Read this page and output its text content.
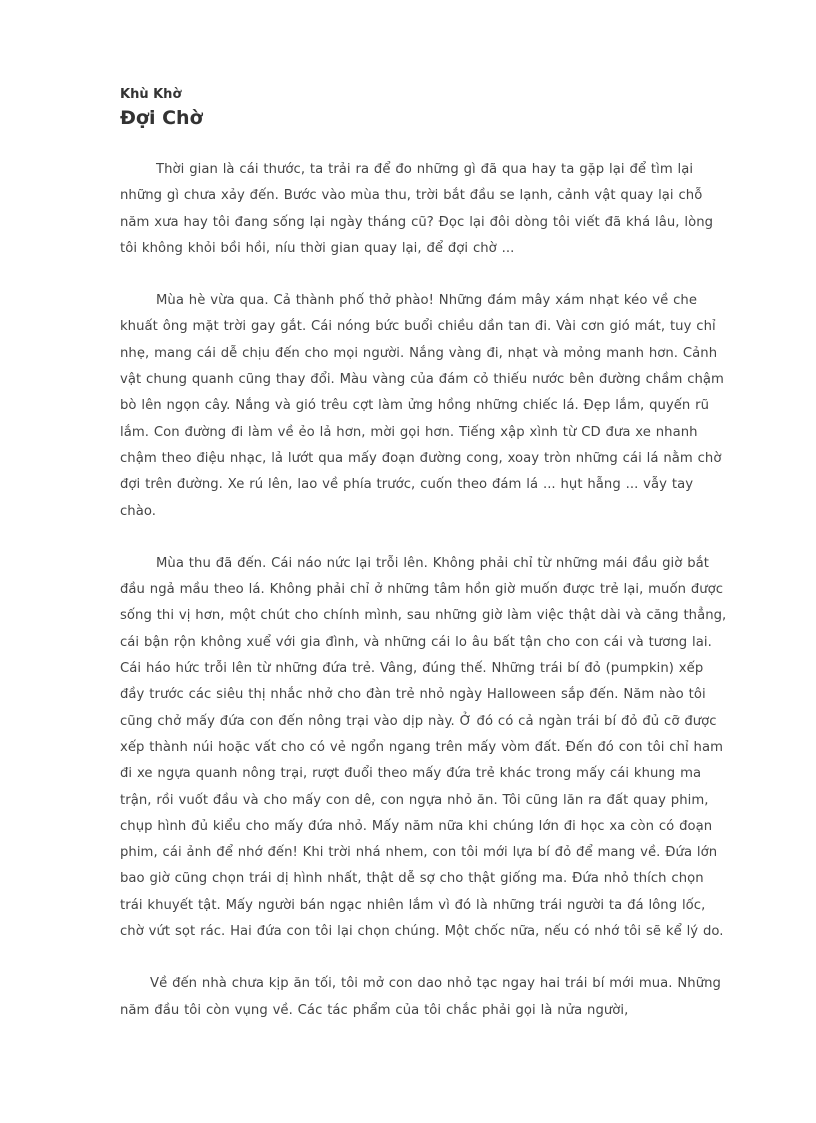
Khù Khờ

Đợi Chờ

Thời gian là cái thước, ta trải ra để đo những gì đã qua hay ta gặp lại để tìm lại những gì chưa xảy đến. Bước vào mùa thu, trời bắt đầu se lạnh, cảnh vật quay lại chỗ năm xưa hay tôi đang sống lại ngày tháng cũ? Đọc lại đôi dòng tôi viết đã khá lâu, lòng tôi không khỏi bồi hồi, níu thời gian quay lại, để đợi chờ ...

Mùa hè vừa qua. Cả thành phố thở phào! Những đám mây xám nhạt kéo về che khuất ông mặt trời gay gắt. Cái nóng bức buổi chiều dần tan đi. Vài cơn gió mát, tuy chỉ nhẹ, mang cái dễ chịu đến cho mọi người. Nắng vàng đi, nhạt và mỏng manh hơn. Cảnh vật chung quanh cũng thay đổi. Màu vàng của đám cỏ thiếu nước bên đường chầm chậm bò lên ngọn cây. Nắng và gió trêu cợt làm ửng hồng những chiếc lá. Đẹp lắm, quyến rũ lắm. Con đường đi làm về ẻo lả hơn, mời gọi hơn. Tiếng xập xình từ CD đưa xe nhanh chậm theo điệu nhạc, lả lướt qua mấy đoạn đường cong, xoay tròn những cái lá nằm chờ đợi trên đường. Xe rú lên, lao về phía trước, cuốn theo đám lá ... hụt hẫng ... vẫy tay chào.

Mùa thu đã đến. Cái náo nức lại trỗi lên. Không phải chỉ từ những mái đầu giờ bắt đầu ngả mầu theo lá. Không phải chỉ ở những tâm hồn giờ muốn được trẻ lại, muốn được sống thi vị hơn, một chút cho chính mình, sau những giờ làm việc thật dài và căng thẳng, cái bận rộn không xuể với gia đình, và những cái lo âu bất tận cho con cái và tương lai. Cái háo hức trỗi lên từ những đứa trẻ. Vâng, đúng thế. Những trái bí đỏ (pumpkin) xếp đầy trước các siêu thị nhắc nhở cho đàn trẻ nhỏ ngày Halloween sắp đến. Năm nào tôi cũng chở mấy đứa con đến nông trại vào dịp này. Ở đó có cả ngàn trái bí đỏ đủ cỡ được xếp thành núi hoặc vất cho có vẻ ngổn ngang trên mấy vòm đất. Đến đó con tôi chỉ ham đi xe ngựa quanh nông trại, rượt đuổi theo mấy đứa trẻ khác trong mấy cái khung ma trận, rồi vuốt đầu và cho mấy con dê, con ngựa nhỏ ăn. Tôi cũng lăn ra đất quay phim, chụp hình đủ kiểu cho mấy đứa nhỏ. Mấy năm nữa khi chúng lớn đi học xa còn có đoạn phim, cái ảnh để nhớ đến! Khi trời nhá nhem, con tôi mới lựa bí đỏ để mang về. Đứa lớn bao giờ cũng chọn trái dị hình nhất, thật dễ sợ cho thật giống ma. Đứa nhỏ thích chọn trái khuyết tật. Mấy người bán ngạc nhiên lắm vì đó là những trái người ta đá lông lốc, chờ vứt sọt rác. Hai đứa con tôi lại chọn chúng. Một chốc nữa, nếu có nhớ tôi sẽ kể lý do.

Về đến nhà chưa kịp ăn tối, tôi mở con dao nhỏ tạc ngay hai trái bí mới mua. Những năm đầu tôi còn vụng về. Các tác phẩm của tôi chắc phải gọi là nửa người,
